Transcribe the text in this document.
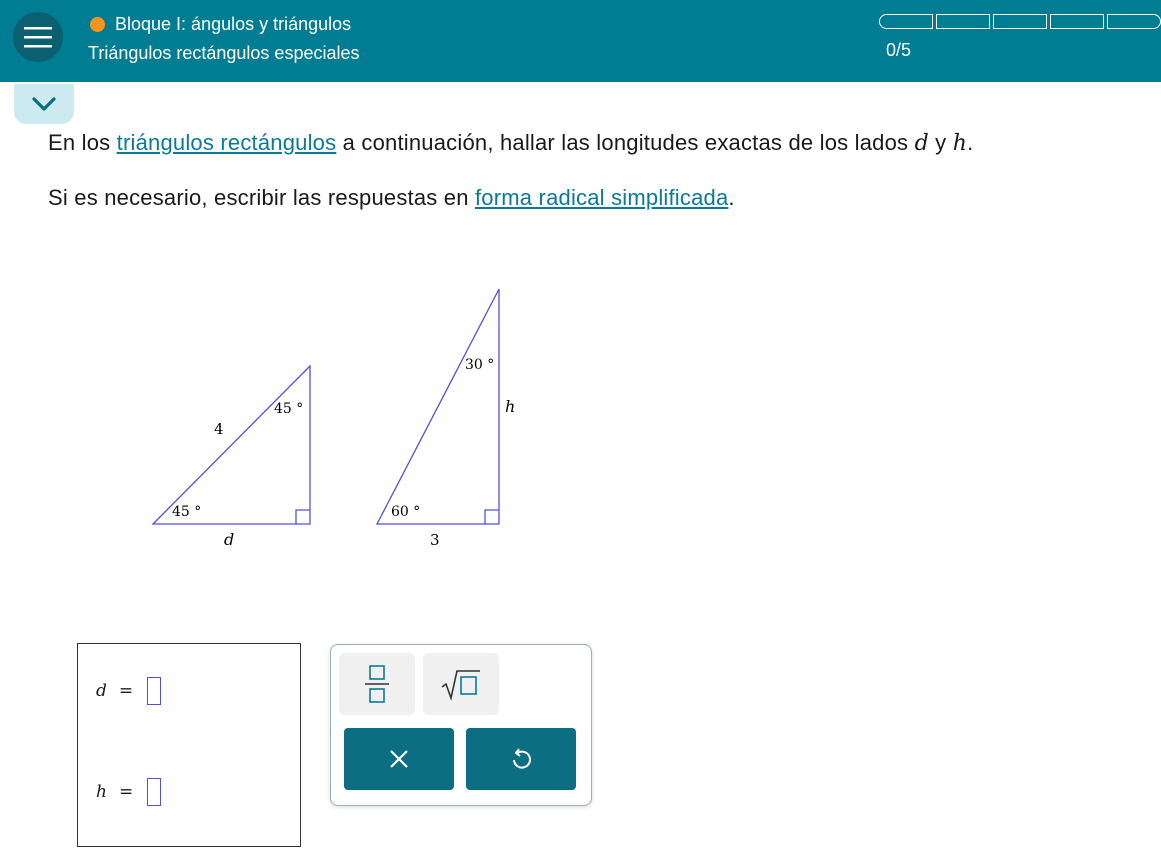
Bloque I: ángulos y triángulos
Triángulos rectángulos especiales	0/5
En los triángulos rectángulos a continuación, hallar las longitudes exactas de los lados d y h.
Si es necesario, escribir las respuestas en forma radical simplificada.
4
45 °
45 °
d
30 °
h
60 °
3
d =
h =
